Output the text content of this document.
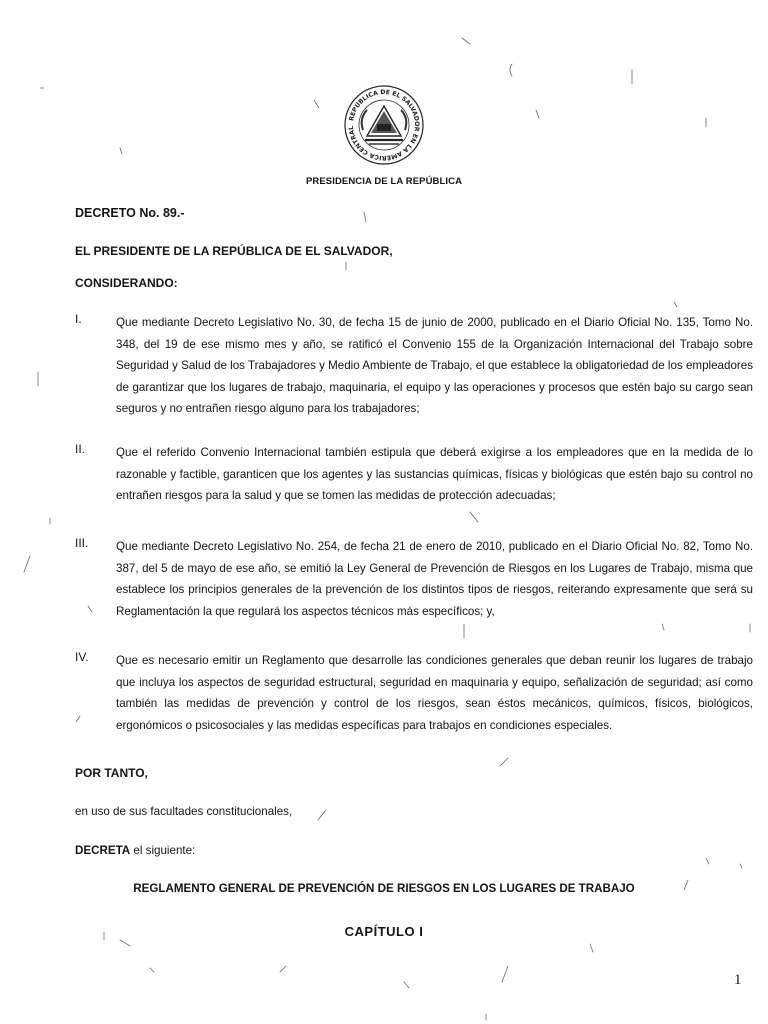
REPÚBLICA DE EL SALVADOR EN LA AMÉRICA CENTRAL
PRESIDENCIA DE LA REPÚBLICA
DECRETO No. 89.-
EL PRESIDENTE DE LA REPÚBLICA DE EL SALVADOR,
CONSIDERANDO:
I.	Que mediante Decreto Legislativo No. 30, de fecha 15 de junio de 2000, publicado en el Diario Oficial No. 135, Tomo No. 348, del 19 de ese mismo mes y año, se ratificó el Convenio 155 de la Organización Internacional del Trabajo sobre Seguridad y Salud de los Trabajadores y Medio Ambiente de Trabajo, el que establece la obligatoriedad de los empleadores de garantizar que los lugares de trabajo, maquinaria, el equipo y las operaciones y procesos que estén bajo su cargo sean seguros y no entrañen riesgo alguno para los trabajadores;
II.	Que el referido Convenio Internacional también estipula que deberá exigirse a los empleadores que en la medida de lo razonable y factible, garanticen que los agentes y las sustancias químicas, físicas y biológicas que estén bajo su control no entrañen riesgos para la salud y que se tomen las medidas de protección adecuadas;
III. Que mediante Decreto Legislativo No. 254, de fecha 21 de enero de 2010, publicado en el Diario Oficial No. 82, Tomo No. 387, del 5 de mayo de ese año, se emitió la Ley General de Prevención de Riesgos en los Lugares de Trabajo, misma que establece los principios generales de la prevención de los distintos tipos de riesgos, reiterando expresamente que será su Reglamentación la que regulará los aspectos técnicos más específicos; y,
IV. Que es necesario emitir un Reglamento que desarrolle las condiciones generales que deban reunir los lugares de trabajo que incluya los aspectos de seguridad estructural, seguridad en maquinaria y equipo, señalización de seguridad; así como también las medidas de prevención y control de los riesgos, sean éstos mecánicos, químicos, físicos, biológicos, ergonómicos o psicosociales y las medidas específicas para trabajos en condiciones especiales.
POR TANTO,
en uso de sus facultades constitucionales,
DECRETA el siguiente:
REGLAMENTO GENERAL DE PREVENCIÓN DE RIESGOS EN LOS LUGARES DE TRABAJO
CAPÍTULO I
1
